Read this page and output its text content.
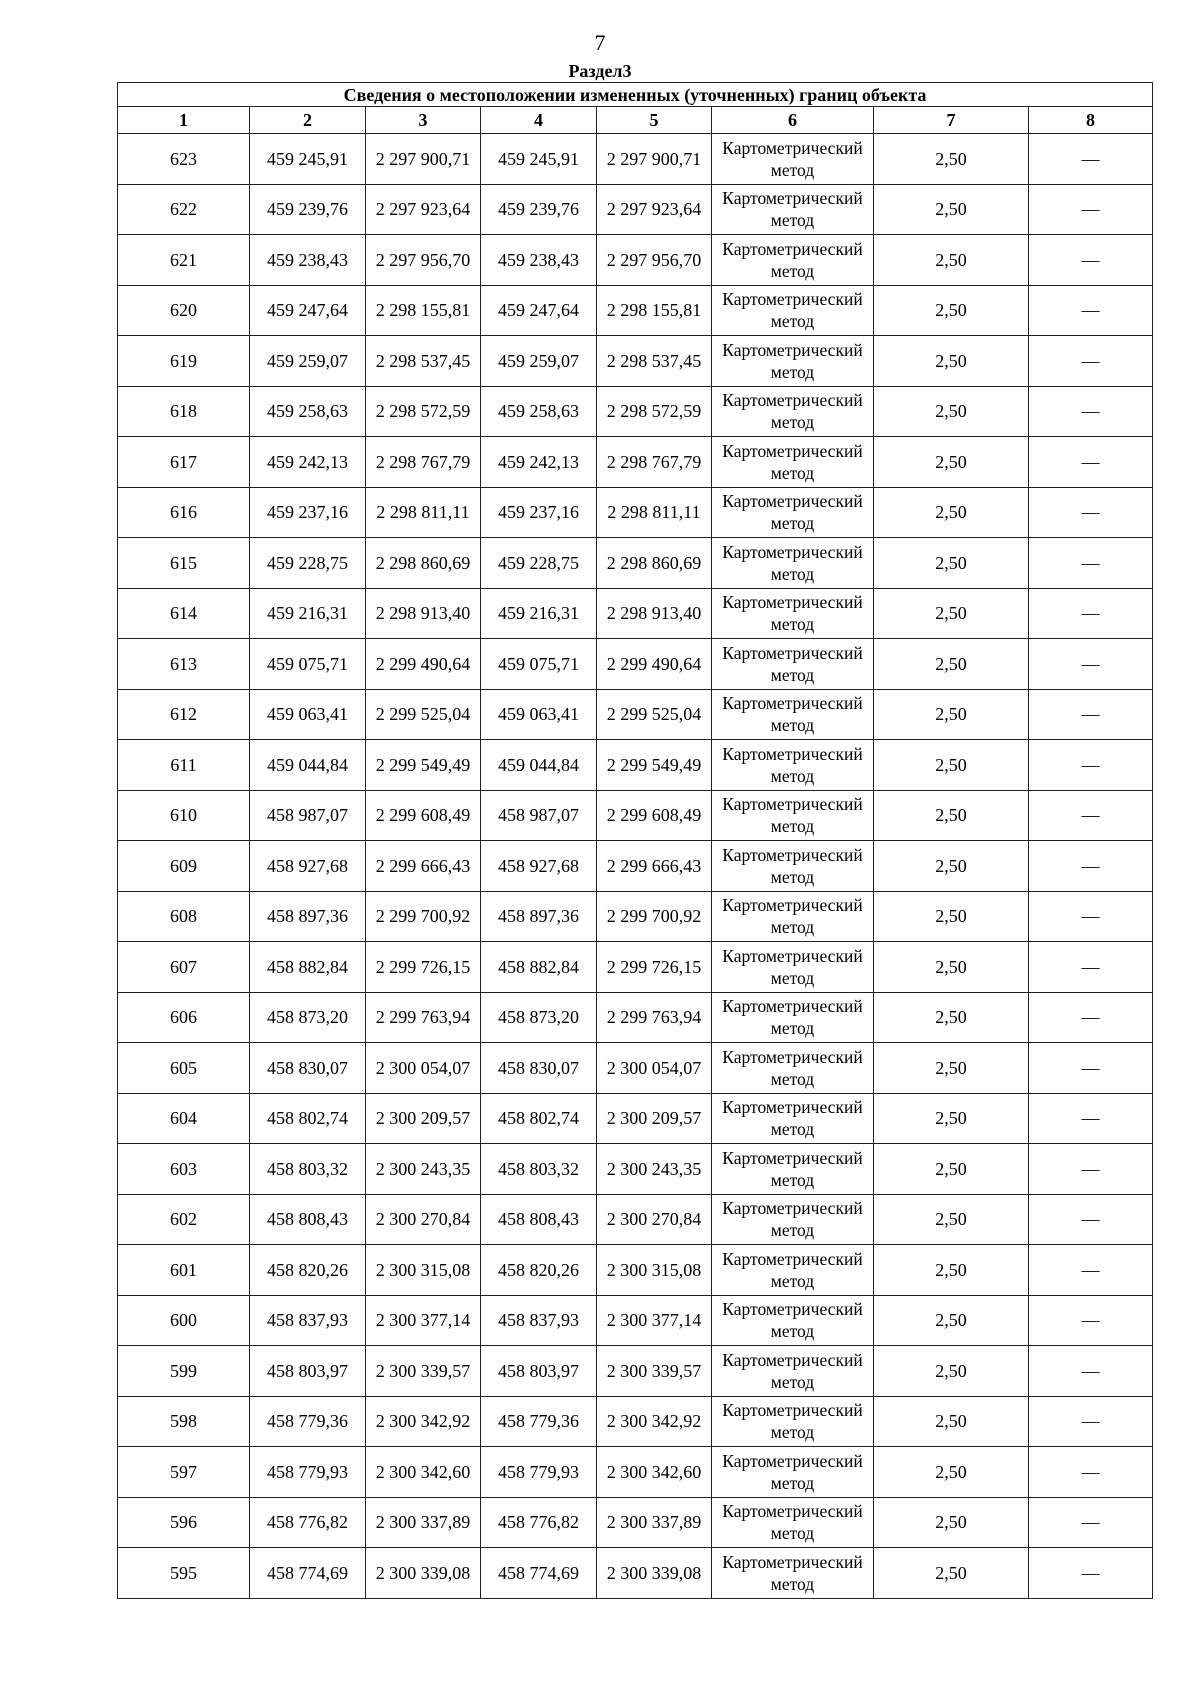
7
Раздел3
Сведения о местоположении измененных (уточненных) границ объекта							
1	2	3	4	5	6	7	8
623	459 245,91	2 297 900,71	459 245,91	2 297 900,71	Картометрический метод	2,50	—
622	459 239,76	2 297 923,64	459 239,76	2 297 923,64	Картометрический метод	2,50	—
621	459 238,43	2 297 956,70	459 238,43	2 297 956,70	Картометрический метод	2,50	—
620	459 247,64	2 298 155,81	459 247,64	2 298 155,81	Картометрический метод	2,50	—
619	459 259,07	2 298 537,45	459 259,07	2 298 537,45	Картометрический метод	2,50	—
618	459 258,63	2 298 572,59	459 258,63	2 298 572,59	Картометрический метод	2,50	—
617	459 242,13	2 298 767,79	459 242,13	2 298 767,79	Картометрический метод	2,50	—
616	459 237,16	2 298 811,11	459 237,16	2 298 811,11	Картометрический метод	2,50	—
615	459 228,75	2 298 860,69	459 228,75	2 298 860,69	Картометрический метод	2,50	—
614	459 216,31	2 298 913,40	459 216,31	2 298 913,40	Картометрический метод	2,50	—
613	459 075,71	2 299 490,64	459 075,71	2 299 490,64	Картометрический метод	2,50	—
612	459 063,41	2 299 525,04	459 063,41	2 299 525,04	Картометрический метод	2,50	—
611	459 044,84	2 299 549,49	459 044,84	2 299 549,49	Картометрический метод	2,50	—
610	458 987,07	2 299 608,49	458 987,07	2 299 608,49	Картометрический метод	2,50	—
609	458 927,68	2 299 666,43	458 927,68	2 299 666,43	Картометрический метод	2,50	—
608	458 897,36	2 299 700,92	458 897,36	2 299 700,92	Картометрический метод	2,50	—
607	458 882,84	2 299 726,15	458 882,84	2 299 726,15	Картометрический метод	2,50	—
606	458 873,20	2 299 763,94	458 873,20	2 299 763,94	Картометрический метод	2,50	—
605	458 830,07	2 300 054,07	458 830,07	2 300 054,07	Картометрический метод	2,50	—
604	458 802,74	2 300 209,57	458 802,74	2 300 209,57	Картометрический метод	2,50	—
603	458 803,32	2 300 243,35	458 803,32	2 300 243,35	Картометрический метод	2,50	—
602	458 808,43	2 300 270,84	458 808,43	2 300 270,84	Картометрический метод	2,50	—
601	458 820,26	2 300 315,08	458 820,26	2 300 315,08	Картометрический метод	2,50	—
600	458 837,93	2 300 377,14	458 837,93	2 300 377,14	Картометрический метод	2,50	—
599	458 803,97	2 300 339,57	458 803,97	2 300 339,57	Картометрический метод	2,50	—
598	458 779,36	2 300 342,92	458 779,36	2 300 342,92	Картометрический метод	2,50	—
597	458 779,93	2 300 342,60	458 779,93	2 300 342,60	Картометрический метод	2,50	—
596	458 776,82	2 300 337,89	458 776,82	2 300 337,89	Картометрический метод	2,50	—
595	458 774,69	2 300 339,08	458 774,69	2 300 339,08	Картометрический метод	2,50	—
